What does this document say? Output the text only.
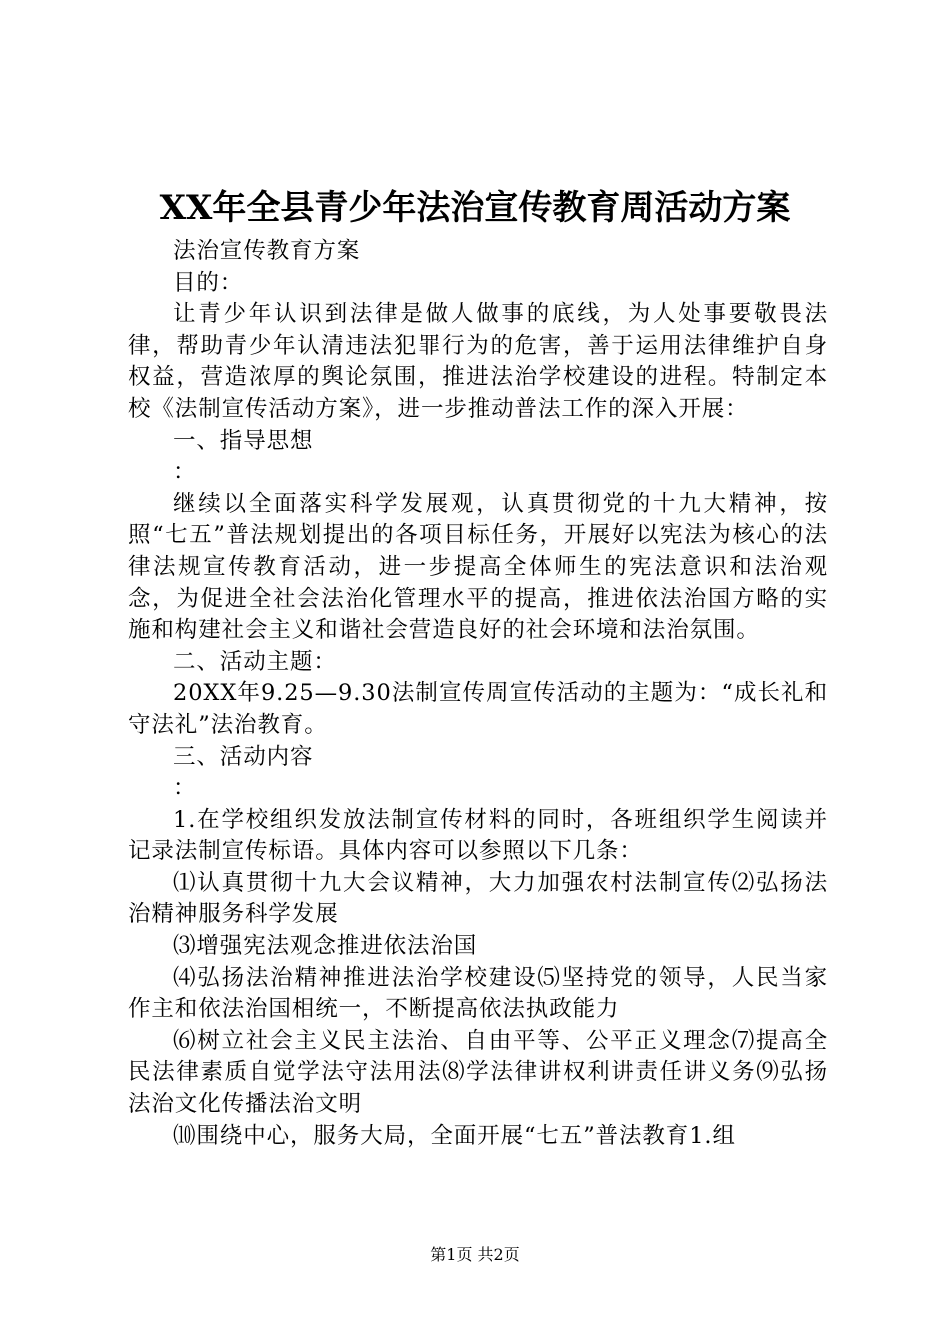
XX年全县青少年法治宣传教育周活动方案

法治宣传教育方案

目的：

让青少年认识到法律是做人做事的底线，为人处事要敬畏法律，帮助青少年认清违法犯罪行为的危害，善于运用法律维护自身权益，营造浓厚的舆论氛围，推进法治学校建设的进程。特制定本校《法制宣传活动方案》，进一步推动普法工作的深入开展：

一、指导思想

：

继续以全面落实科学发展观，认真贯彻党的十九大精神，按照“七五”普法规划提出的各项目标任务，开展好以宪法为核心的法律法规宣传教育活动，进一步提高全体师生的宪法意识和法治观念，为促进全社会法治化管理水平的提高，推进依法治国方略的实施和构建社会主义和谐社会营造良好的社会环境和法治氛围。

二、活动主题：

20XX年9.25—9.30法制宣传周宣传活动的主题为：“成长礼和守法礼”法治教育。

三、活动内容

：

1.在学校组织发放法制宣传材料的同时，各班组织学生阅读并记录法制宣传标语。具体内容可以参照以下几条：

⑴认真贯彻十九大会议精神，大力加强农村法制宣传⑵弘扬法治精神服务科学发展

⑶增强宪法观念推进依法治国

⑷弘扬法治精神推进法治学校建设⑸坚持党的领导，人民当家作主和依法治国相统一，不断提高依法执政能力

⑹树立社会主义民主法治、自由平等、公平正义理念⑺提高全民法律素质自觉学法守法用法⑻学法律讲权利讲责任讲义务⑼弘扬法治文化传播法治文明

⑽围绕中心，服务大局，全面开展“七五”普法教育1.组

第1页 共2页
